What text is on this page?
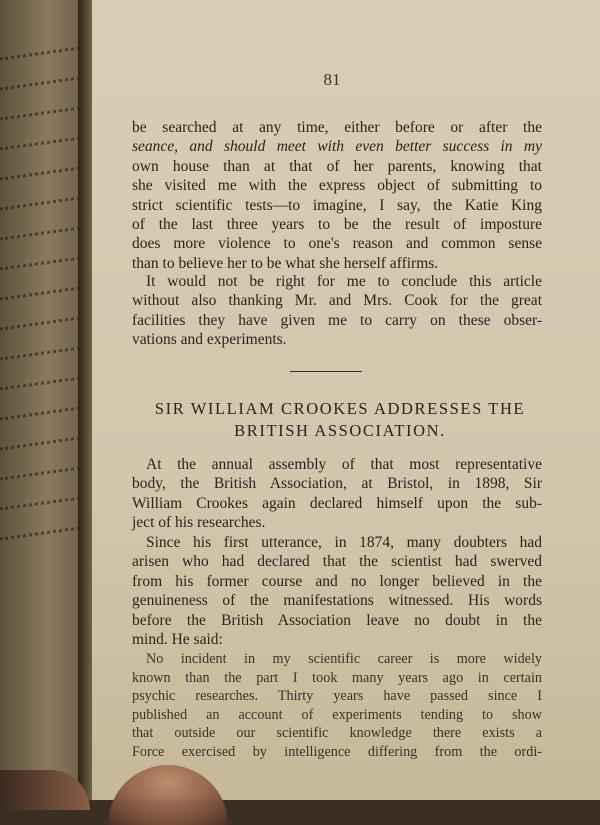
81
be searched at any time, either before or after the
seance, and should meet with even better success in my
own house than at that of her parents, knowing that
she visited me with the express object of submitting to
strict scientific tests—to imagine, I say, the Katie King
of the last three years to be the result of imposture
does more violence to one's reason and common sense
than to believe her to be what she herself affirms.
It would not be right for me to conclude this article
without also thanking Mr. and Mrs. Cook for the great
facilities they have given me to carry on these obser-
vations and experiments.
SIR WILLIAM CROOKES ADDRESSES THE
BRITISH ASSOCIATION.
At the annual assembly of that most representative
body, the British Association, at Bristol, in 1898, Sir
William Crookes again declared himself upon the sub-
ject of his researches.
Since his first utterance, in 1874, many doubters had
arisen who had declared that the scientist had swerved
from his former course and no longer believed in the
genuineness of the manifestations witnessed. His words
before the British Association leave no doubt in the
mind. He said:
No incident in my scientific career is more widely
known than the part I took many years ago in certain
psychic researches. Thirty years have passed since I
published an account of experiments tending to show
that outside our scientific knowledge there exists a
Force exercised by intelligence differing from the ordi-
